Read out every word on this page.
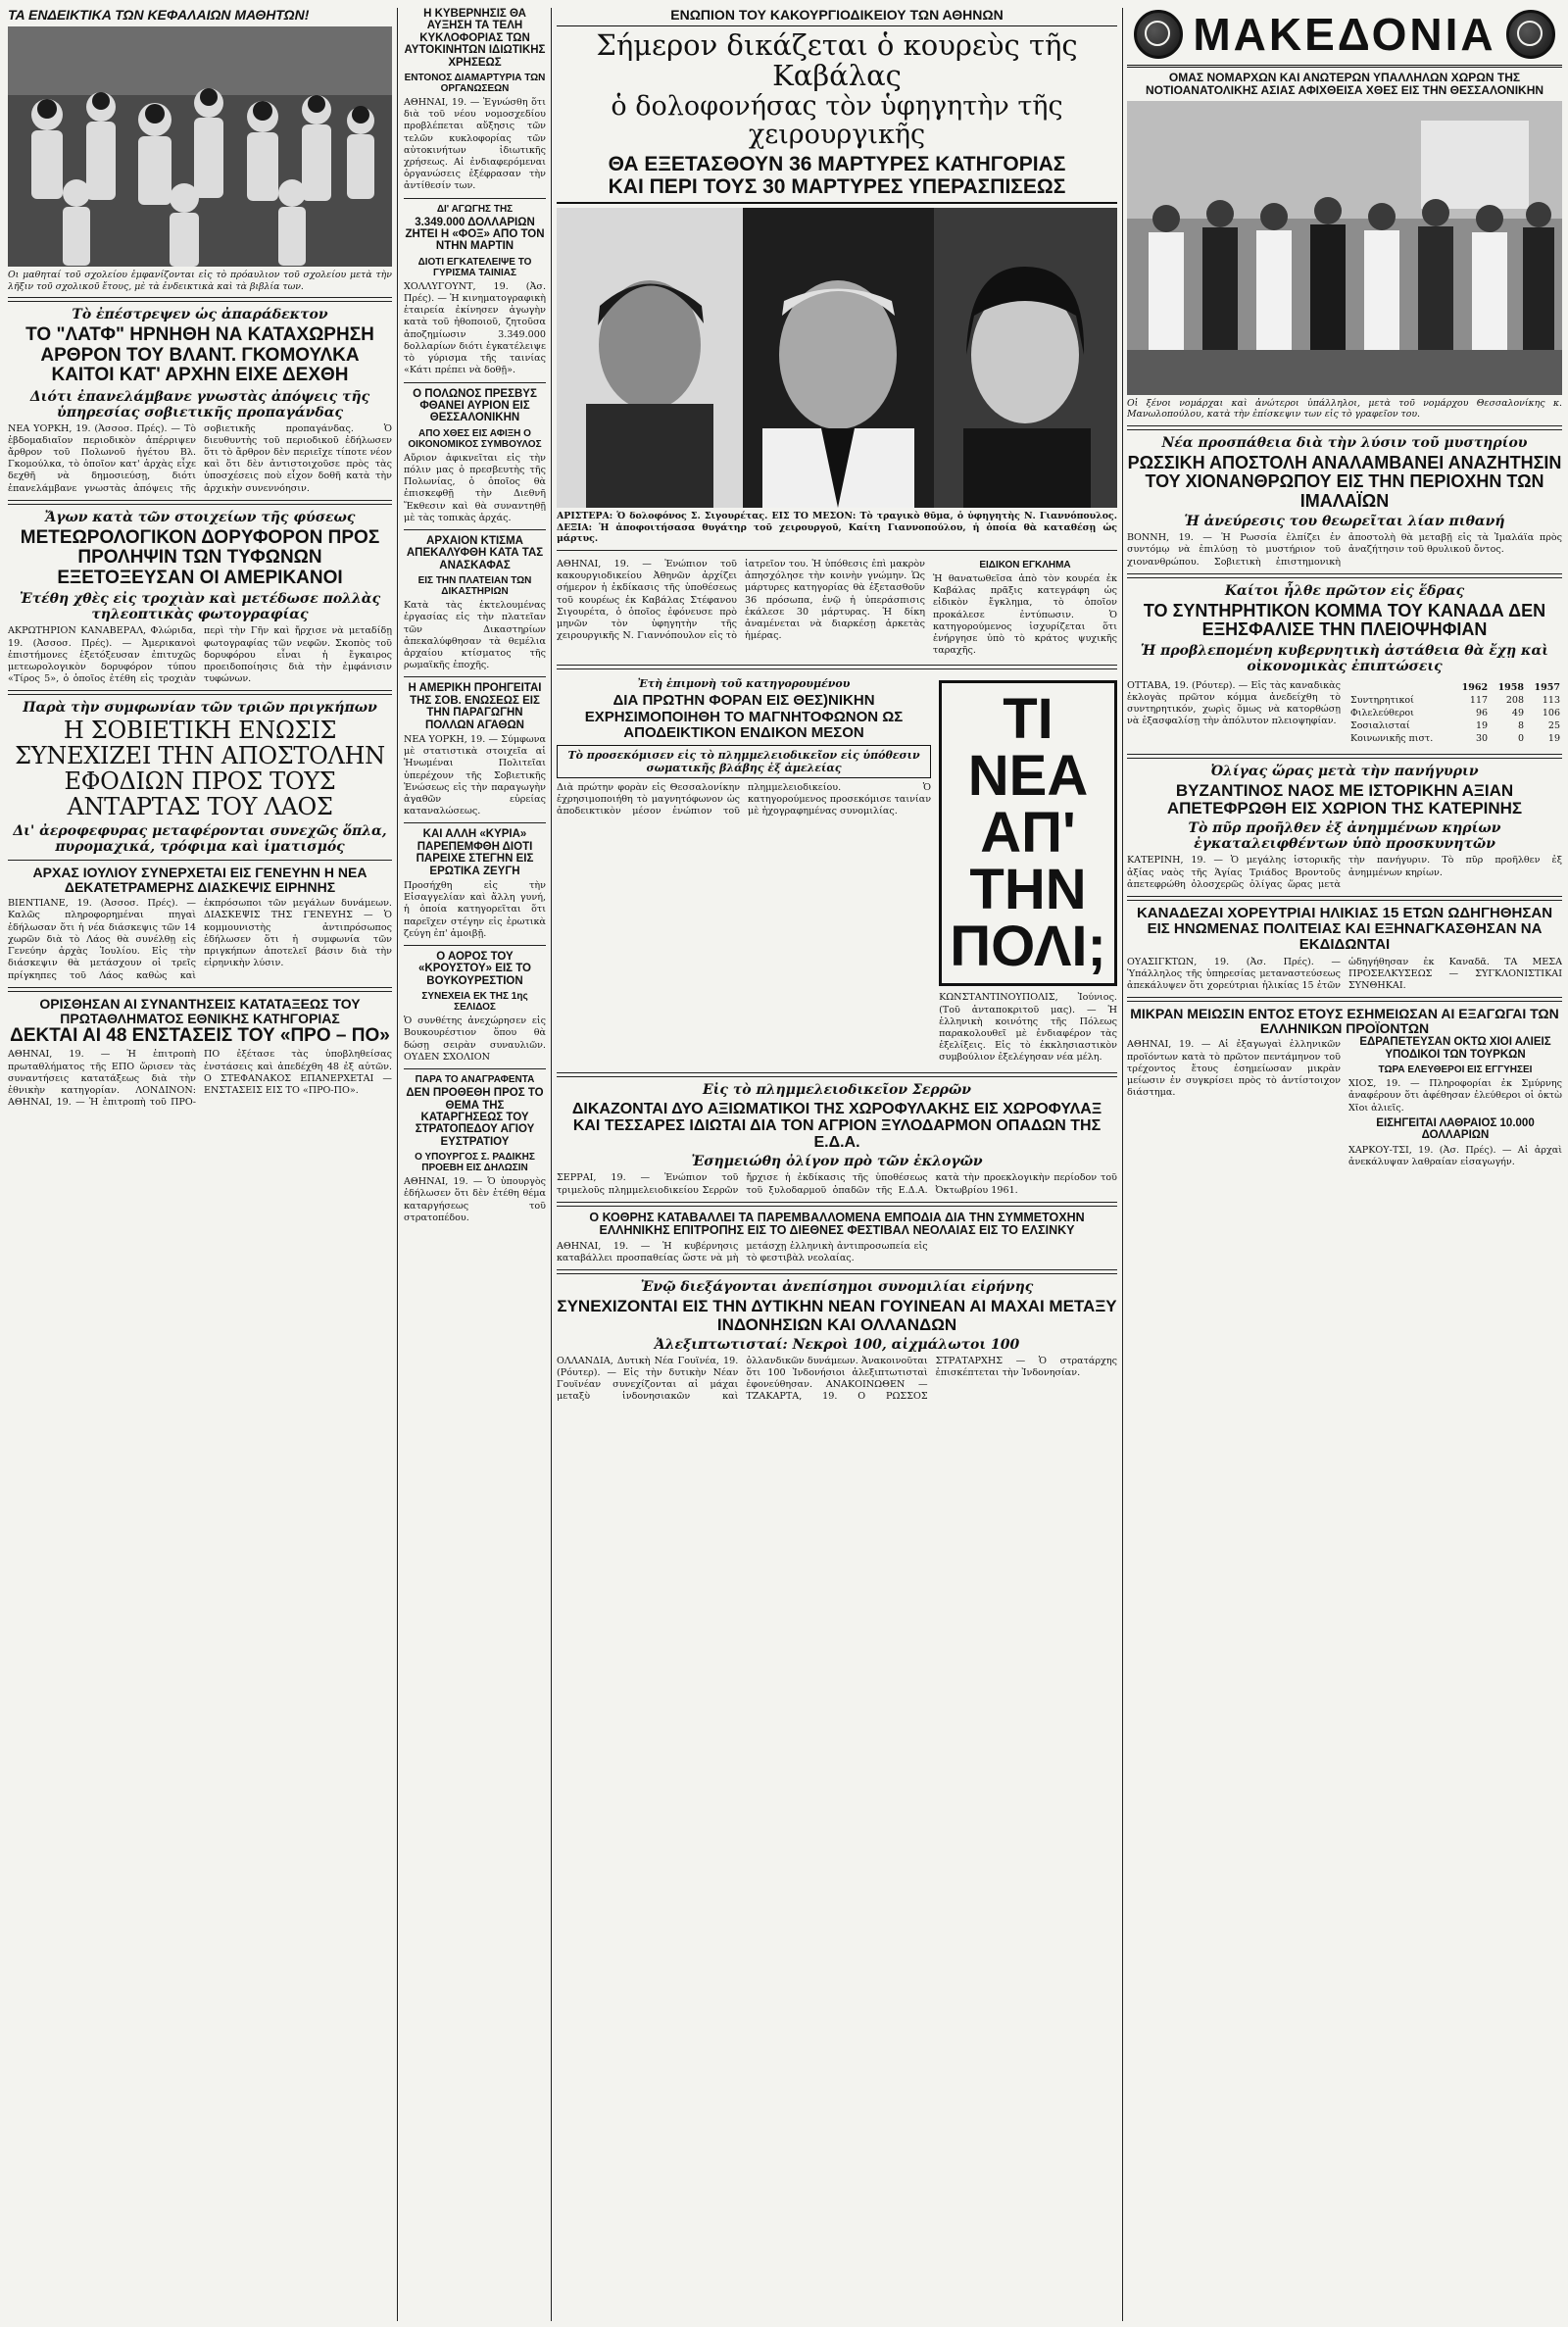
ΤΑ ΕΝΔΕΙΚΤΙΚΑ ΤΩΝ ΚΕΦΑΛΑΙΩΝ ΜΑΘΗΤΩΝ!
Οι μαθηταί τοῦ σχολείου ἐμφανίζονται εἰς τὸ πρόαυλιον τοῦ σχολείου μετὰ τὴν λῆξιν τοῦ σχολικοῦ ἔτους, μὲ τὰ ἐνδεικτικὰ καὶ τὰ βιβλία των.
Τὸ ἐπέστρεψεν ὡς ἀπαράδεκτον
ΤΟ "ΛΑΤΦ" ΗΡΝΗΘΗ ΝΑ ΚΑΤΑΧΩΡΗΣΗ ΑΡΘΡΟΝ ΤΟΥ ΒΛΑΝΤ. ΓΚΟΜΟΥΛΚΑ ΚΑΙΤΟΙ ΚΑΤ' ΑΡΧΗΝ ΕΙΧΕ ΔΕΧΘΗ
Διότι ἐπανελάμβανε γνωστὰς ἀπόψεις τῆς ὑπηρεσίας σοβιετικῆς προπαγάνδας
ΝΕΑ ΥΟΡΚΗ, 19. (Ἀσσοσ. Πρές). — Τὸ ἑβδομαδιαῖον περιοδικὸν ἀπέρριψεν ἄρθρον τοῦ Πολωνοῦ ἡγέτου Βλ. Γκομούλκα, τὸ ὁποῖον κατ' ἀρχὰς εἶχε δεχθῆ νὰ δημοσιεύσῃ, διότι ἐπανελάμβανε γνωστὰς ἀπόψεις τῆς σοβιετικῆς προπαγάνδας. Ὁ διευθυντὴς τοῦ περιοδικοῦ ἐδήλωσεν ὅτι τὸ ἄρθρον δὲν περιεῖχε τίποτε νέον καὶ ὅτι δὲν ἀντιστοιχοῦσε πρὸς τὰς ὑποσχέσεις ποὺ εἶχον δοθῆ κατὰ τὴν ἀρχικὴν συνεννόησιν.
Ἄγων κατὰ τῶν στοιχείων τῆς φύσεως
ΜΕΤΕΩΡΟΛΟΓΙΚΟΝ ΔΟΡΥΦΟΡΟΝ ΠΡΟΣ ΠΡΟΛΗΨΙΝ ΤΩΝ ΤΥΦΩΝΩΝ ΕΞΕΤΟΞΕΥΣΑΝ ΟΙ ΑΜΕΡΙΚΑΝΟΙ
Ἐτέθη χθὲς εἰς τροχιὰν καὶ μετέδωσε πολλὰς τηλεοπτικὰς φωτογραφίας
ΑΚΡΩΤΗΡΙΟΝ ΚΑΝΑΒΕΡΑΛ, Φλώριδα, 19. (Ἀσσοσ. Πρές). — Ἀμερικανοὶ ἐπιστήμονες ἐξετόξευσαν ἐπιτυχῶς μετεωρολογικὸν δορυφόρον τύπου «Τίρος 5», ὁ ὁποῖος ἐτέθη εἰς τροχιὰν περὶ τὴν Γῆν καὶ ἤρχισε νὰ μεταδίδῃ φωτογραφίας τῶν νεφῶν. Σκοπὸς τοῦ δορυφόρου εἶναι ἡ ἔγκαιρος προειδοποίησις διὰ τὴν ἐμφάνισιν τυφώνων.
Παρὰ τὴν συμφωνίαν τῶν τριῶν πριγκήπων
Η ΣΟΒΙΕΤΙΚΗ ΕΝΩΣΙΣ ΣΥΝΕΧΙΖΕΙ ΤΗΝ ΑΠΟΣΤΟΛΗΝ ΕΦΟΔΙΩΝ ΠΡΟΣ ΤΟΥΣ ΑΝΤΑΡΤΑΣ ΤΟΥ ΛΑΟΣ
Δι' ἀεροφεφυρας μεταφέρονται συνεχῶς ὅπλα, πυρομαχικά, τρόφιμα καὶ ἱματισμός
ΑΡΧΑΣ ΙΟΥΛΙΟΥ ΣΥΝΕΡΧΕΤΑΙ ΕΙΣ ΓΕΝΕΥΗΝ Η ΝΕΑ ΔΕΚΑΤΕΤΡΑΜΕΡΗΣ ΔΙΑΣΚΕΨΙΣ ΕΙΡΗΝΗΣ
ΒΙΕΝΤΙΑΝΕ, 19. (Ἀσσοσ. Πρές). — Καλῶς πληροφορημέναι πηγαὶ ἐδήλωσαν ὅτι ἡ νέα διάσκεψις τῶν 14 χωρῶν διὰ τὸ Λάος θὰ συνέλθῃ εἰς Γενεύην ἀρχὰς Ἰουλίου. Εἰς τὴν διάσκεψιν θὰ μετάσχουν οἱ τρεῖς πρίγκηπες τοῦ Λάος καθὼς καὶ ἐκπρόσωποι τῶν μεγάλων δυνάμεων. ΔΙΑΣΚΕΨΙΣ ΤΗΣ ΓΕΝΕΥΗΣ — Ὁ κομμουνιστὴς ἀντιπρόσωπος ἐδήλωσεν ὅτι ἡ συμφωνία τῶν πριγκήπων ἀποτελεῖ βάσιν διὰ τὴν εἰρηνικὴν λύσιν.
ΟΡΙΣΘΗΣΑΝ ΑΙ ΣΥΝΑΝΤΗΣΕΙΣ ΚΑΤΑΤΑΞΕΩΣ ΤΟΥ ΠΡΩΤΑΘΛΗΜΑΤΟΣ ΕΘΝΙΚΗΣ ΚΑΤΗΓΟΡΙΑΣ
ΔΕΚΤΑΙ ΑΙ 48 ΕΝΣΤΑΣΕΙΣ ΤΟΥ «ΠΡΟ – ΠΟ»
ΑΘΗΝΑΙ, 19. — Ἡ ἐπιτροπὴ πρωταθλήματος τῆς ΕΠΟ ὥρισεν τὰς συναντήσεις κατατάξεως διὰ τὴν ἐθνικὴν κατηγορίαν. ΛΟΝΔΙΝΟΝ: ΑΘΗΝΑΙ, 19. — Ἡ ἐπιτροπὴ τοῦ ΠΡΟ-ΠΟ ἐξέτασε τὰς ὑποβληθείσας ἐνστάσεις καὶ ἀπεδέχθη 48 ἐξ αὐτῶν. Ο ΣΤΕΦΑΝΑΚΟΣ ΕΠΑΝΕΡΧΕΤΑΙ — ΕΝΣΤΑΣΕΙΣ ΕΙΣ ΤΟ «ΠΡΟ-ΠΟ».
Η ΚΥΒΕΡΝΗΣΙΣ ΘΑ ΑΥΞΗΣΗ ΤΑ ΤΕΛΗ ΚΥΚΛΟΦΟΡΙΑΣ ΤΩΝ ΑΥΤΟΚΙΝΗΤΩΝ ΙΔΙΩΤΙΚΗΣ ΧΡΗΣΕΩΣ
ΕΝΤΟΝΟΣ ΔΙΑΜΑΡΤΥΡΙΑ ΤΩΝ ΟΡΓΑΝΩΣΕΩΝ
ΑΘΗΝΑΙ, 19. — Ἐγνώσθη ὅτι διὰ τοῦ νέου νομοσχεδίου προβλέπεται αὔξησις τῶν τελῶν κυκλοφορίας τῶν αὐτοκινήτων ἰδιωτικῆς χρήσεως. Αἱ ἐνδιαφερόμεναι ὀργανώσεις ἐξέφρασαν τὴν ἀντίθεσίν των.
ΔΙ' ΑΓΩΓΗΣ ΤΗΣ
3.349.000 ΔΟΛΛΑΡΙΩΝ ΖΗΤΕΙ Η «ΦΟΞ» ΑΠΟ ΤΟΝ ΝΤΗΝ ΜΑΡΤΙΝ
ΔΙΟΤΙ ΕΓΚΑΤΕΛΕΙΨΕ ΤΟ ΓΥΡΙΣΜΑ ΤΑΙΝΙΑΣ
ΧΟΛΛΥΓΟΥΝΤ, 19. (Ἀσ. Πρές). — Ἡ κινηματογραφικὴ ἑταιρεία ἐκίνησεν ἀγωγὴν κατὰ τοῦ ἠθοποιοῦ, ζητοῦσα ἀποζημίωσιν 3.349.000 δολλαρίων διότι ἐγκατέλειψε τὸ γύρισμα τῆς ταινίας «Κάτι πρέπει νὰ δοθῇ».
Ο ΠΟΛΩΝΟΣ ΠΡΕΣΒΥΣ ΦΘΑΝΕΙ ΑΥΡΙΟΝ ΕΙΣ ΘΕΣΣΑΛΟΝΙΚΗΝ
ΑΠΟ ΧΘΕΣ ΕΙΣ ΑΦΙΞΗ Ο ΟΙΚΟΝΟΜΙΚΟΣ ΣΥΜΒΟΥΛΟΣ
Αὔριον ἀφικνεῖται εἰς τὴν πόλιν μας ὁ πρεσβευτὴς τῆς Πολωνίας, ὁ ὁποῖος θὰ ἐπισκεφθῇ τὴν Διεθνῆ Ἔκθεσιν καὶ θὰ συναντηθῇ μὲ τὰς τοπικὰς ἀρχάς.
ΑΡΧΑΙΟΝ ΚΤΙΣΜΑ ΑΠΕΚΑΛΥΦΘΗ ΚΑΤΑ ΤΑΣ ΑΝΑΣΚΑΦΑΣ
ΕΙΣ ΤΗΝ ΠΛΑΤΕΙΑΝ ΤΩΝ ΔΙΚΑΣΤΗΡΙΩΝ
Κατὰ τὰς ἐκτελουμένας ἐργασίας εἰς τὴν πλατεῖαν τῶν Δικαστηρίων ἀπεκαλύφθησαν τὰ θεμέλια ἀρχαίου κτίσματος τῆς ρωμαϊκῆς ἐποχῆς.
Η ΑΜΕΡΙΚΗ ΠΡΟΗΓΕΙΤΑΙ ΤΗΣ ΣΟΒ. ΕΝΩΣΕΩΣ ΕΙΣ ΤΗΝ ΠΑΡΑΓΩΓΗΝ ΠΟΛΛΩΝ ΑΓΑΘΩΝ
ΝΕΑ ΥΟΡΚΗ, 19. — Σύμφωνα μὲ στατιστικὰ στοιχεῖα αἱ Ἡνωμέναι Πολιτεῖαι ὑπερέχουν τῆς Σοβιετικῆς Ἑνώσεως εἰς τὴν παραγωγὴν ἀγαθῶν εὐρείας καταναλώσεως.
ΚΑΙ ΑΛΛΗ «ΚΥΡΙΑ» ΠΑΡΕΠΕΜΦΘΗ ΔΙΟΤΙ ΠΑΡΕΙΧΕ ΣΤΕΓΗΝ ΕΙΣ ΕΡΩΤΙΚΑ ΖΕΥΓΗ
Προσήχθη εἰς τὴν Εἰσαγγελίαν καὶ ἄλλη γυνή, ἡ ὁποία κατηγορεῖται ὅτι παρεῖχεν στέγην εἰς ἐρωτικὰ ζεύγη ἐπ' ἀμοιβῇ.
Ο ΑΟΡΟΣ ΤΟΥ «ΚΡΟΥΣΤΟΥ» ΕΙΣ ΤΟ ΒΟΥΚΟΥΡΕΣΤΙΟΝ
ΣΥΝΕΧΕΙΑ ΕΚ ΤΗΣ 1ης ΣΕΛΙΔΟΣ
Ὁ συνθέτης ἀνεχώρησεν εἰς Βουκουρέστιον ὅπου θὰ δώσῃ σειρὰν συναυλιῶν. ΟΥΔΕΝ ΣΧΟΛΙΟΝ
ΠΑΡΑ ΤΟ ΑΝΑΓΡΑΦΕΝΤΑ
ΔΕΝ ΠΡΟΘΕΘΗ ΠΡΟΣ ΤΟ ΘΕΜΑ ΤΗΣ ΚΑΤΑΡΓΗΣΕΩΣ ΤΟΥ ΣΤΡΑΤΟΠΕΔΟΥ ΑΓΙΟΥ ΕΥΣΤΡΑΤΙΟΥ
Ο ΥΠΟΥΡΓΟΣ Σ. ΡΑΔΙΚΗΣ ΠΡΟΕΒΗ ΕΙΣ ΔΗΛΩΣΙΝ
ΑΘΗΝΑΙ, 19. — Ὁ ὑπουργὸς ἐδήλωσεν ὅτι δὲν ἐτέθη θέμα καταργήσεως τοῦ στρατοπέδου.
ΕΝΩΠΙΟΝ ΤΟΥ ΚΑΚΟΥΡΓΙΟΔΙΚΕΙΟΥ ΤΩΝ ΑΘΗΝΩΝ
Σήμερον δικάζεται ὁ κουρεὺς τῆς Καβάλας
ὁ δολοφονήσας τὸν ὑφηγητὴν τῆς χειρουργικῆς
ΘΑ ΕΞΕΤΑΣΘΟΥΝ 36 ΜΑΡΤΥΡΕΣ ΚΑΤΗΓΟΡΙΑΣ
ΚΑΙ ΠΕΡΙ ΤΟΥΣ 30 ΜΑΡΤΥΡΕΣ ΥΠΕΡΑΣΠΙΣΕΩΣ
ΑΡΙΣΤΕΡΑ: Ὁ δολοφόνος Σ. Σιγουρέτας. ΕΙΣ ΤΟ ΜΕΣΟΝ: Τὸ τραγικὸ θῦμα, ὁ ὑφηγητὴς Ν. Γιαννόπουλος. ΔΕΞΙΑ: Ἡ ἀποφοιτήσασα θυγάτηρ τοῦ χειρουργοῦ, Καίτη Γιαννοπούλου, ἡ ὁποία θὰ καταθέσῃ ὡς μάρτυς.
ΑΘΗΝΑΙ, 19. — Ἐνώπιον τοῦ κακουργιοδικείου Ἀθηνῶν ἀρχίζει σήμερον ἡ ἐκδίκασις τῆς ὑποθέσεως τοῦ κουρέως ἐκ Καβάλας Στέφανου Σιγουρέτα, ὁ ὁποῖος ἐφόνευσε πρὸ μηνῶν τὸν ὑφηγητὴν τῆς χειρουργικῆς Ν. Γιαννόπουλον εἰς τὸ ἰατρεῖον του. Ἡ ὑπόθεσις ἐπὶ μακρὸν ἀπησχόλησε τὴν κοινὴν γνώμην. Ὡς μάρτυρες κατηγορίας θὰ ἐξετασθοῦν 36 πρόσωπα, ἐνῷ ἡ ὑπεράσπισις ἐκάλεσε 30 μάρτυρας. Ἡ δίκη ἀναμένεται νὰ διαρκέσῃ ἀρκετὰς ἡμέρας.
ΕΙΔΙΚΟΝ ΕΓΚΛΗΜΑ
Ἡ θανατωθεῖσα ἀπὸ τὸν κουρέα ἐκ Καβάλας πρᾶξις κατεγράφη ὡς εἰδικὸν ἔγκλημα, τὸ ὁποῖον προκάλεσε ἐντύπωσιν. Ὁ κατηγορούμενος ἰσχυρίζεται ὅτι ἐνήργησε ὑπὸ τὸ κράτος ψυχικῆς ταραχῆς.
Ἐτὴ ἐπιμονὴ τοῦ κατηγορουμένου
ΔΙΑ ΠΡΩΤΗΝ ΦΟΡΑΝ ΕΙΣ ΘΕΣ)ΝΙΚΗΝ ΕΧΡΗΣΙΜΟΠΟΙΗΘΗ ΤΟ ΜΑΓΝΗΤΟΦΩΝΟΝ ΩΣ ΑΠΟΔΕΙΚΤΙΚΟΝ ΕΝΔΙΚΟΝ ΜΕΣΟΝ
Τὸ προσεκόμισεν εἰς τὸ πλημμελειοδικεῖον εἰς ὑπόθεσιν σωματικῆς βλάβης ἐξ ἀμελείας
Διὰ πρώτην φορὰν εἰς Θεσσαλονίκην ἐχρησιμοποιήθη τὸ μαγνητόφωνον ὡς ἀποδεικτικὸν μέσον ἐνώπιον τοῦ πλημμελειοδικείου. Ὁ κατηγορούμενος προσεκόμισε ταινίαν μὲ ἠχογραφημένας συνομιλίας.
ΤΙ ΝΕΑ ΑΠ' ΤΗΝ ΠΟΛΙ;
ΚΩΝΣΤΑΝΤΙΝΟΥΠΟΛΙΣ, Ἰούνιος. (Τοῦ ἀνταποκριτοῦ μας). — Ἡ ἑλληνικὴ κοινότης τῆς Πόλεως παρακολουθεῖ μὲ ἐνδιαφέρον τὰς ἐξελίξεις. Εἰς τὸ ἐκκλησιαστικὸν συμβούλιον ἐξελέγησαν νέα μέλη.
Εἰς τὸ πλημμελειοδικεῖον Σερρῶν
ΔΙΚΑΖΟΝΤΑΙ ΔΥΟ ΑΞΙΩΜΑΤΙΚΟΙ ΤΗΣ ΧΩΡΟΦΥΛΑΚΗΣ ΕΙΣ ΧΩΡΟΦΥΛΑΞ ΚΑΙ ΤΕΣΣΑΡΕΣ ΙΔΙΩΤΑΙ ΔΙΑ ΤΟΝ ΑΓΡΙΟΝ ΞΥΛΟΔΑΡΜΟΝ ΟΠΑΔΩΝ ΤΗΣ Ε.Δ.Α.
Ἐσημειώθη ὀλίγον πρὸ τῶν ἐκλογῶν
ΣΕΡΡΑΙ, 19. — Ἐνώπιον τοῦ τριμελοῦς πλημμελειοδικείου Σερρῶν ἤρχισε ἡ ἐκδίκασις τῆς ὑποθέσεως τοῦ ξυλοδαρμοῦ ὀπαδῶν τῆς Ε.Δ.Α. κατὰ τὴν προεκλογικὴν περίοδον τοῦ Ὀκτωβρίου 1961.
Ο ΚΟΘΡΗΣ ΚΑΤΑΒΑΛΛΕΙ ΤΑ ΠΑΡΕΜΒΑΛΛΟΜΕΝΑ ΕΜΠΟΔΙΑ ΔΙΑ ΤΗΝ ΣΥΜΜΕΤΟΧΗΝ ΕΛΛΗΝΙΚΗΣ ΕΠΙΤΡΟΠΗΣ ΕΙΣ ΤΟ ΔΙΕΘΝΕΣ ΦΕΣΤΙΒΑΛ ΝΕΟΛΑΙΑΣ ΕΙΣ ΤΟ ΕΛΣΙΝΚΥ
ΑΘΗΝΑΙ, 19. — Ἡ κυβέρνησις καταβάλλει προσπαθείας ὥστε νὰ μὴ μετάσχῃ ἑλληνικὴ ἀντιπροσωπεία εἰς τὸ φεστιβὰλ νεολαίας.
Ἐνῷ διεξάγονται ἀνεπίσημοι συνομιλίαι εἰρήνης
ΣΥΝΕΧΙΖΟΝΤΑΙ ΕΙΣ ΤΗΝ ΔΥΤΙΚΗΝ ΝΕΑΝ ΓΟΥΙΝΕΑΝ ΑΙ ΜΑΧΑΙ ΜΕΤΑΞΥ ΙΝΔΟΝΗΣΙΩΝ ΚΑΙ ΟΛΛΑΝΔΩΝ
Ἀλεξιπτωτισταί: Νεκροὶ 100, αἰχμάλωτοι 100
ΟΛΛΑΝΔΙΑ, Δυτικὴ Νέα Γουϊνέα, 19. (Ρόυτερ). — Εἰς τὴν δυτικὴν Νέαν Γουϊνέαν συνεχίζονται αἱ μάχαι μεταξὺ ἰνδονησιακῶν καὶ ὀλλανδικῶν δυνάμεων. Ἀνακοινοῦται ὅτι 100 Ἰνδονήσιοι ἀλεξιπτωτισταὶ ἐφονεύθησαν. ΑΝΑΚΟΙΝΩΘΕΝ — ΤΖΑΚΑΡΤΑ, 19. Ο ΡΩΣΣΟΣ ΣΤΡΑΤΑΡΧΗΣ — Ὁ στρατάρχης ἐπισκέπτεται τὴν Ἰνδονησίαν.
ΜΑΚΕΔΟΝΙΑ
ΟΜΑΣ ΝΟΜΑΡΧΩΝ ΚΑΙ ΑΝΩΤΕΡΩΝ ΥΠΑΛΛΗΛΩΝ ΧΩΡΩΝ ΤΗΣ ΝΟΤΙΟΑΝΑΤΟΛΙΚΗΣ ΑΣΙΑΣ ΑΦΙΧΘΕΙΣΑ ΧΘΕΣ ΕΙΣ ΤΗΝ ΘΕΣΣΑΛΟΝΙΚΗΝ
Οἱ ξένοι νομάρχαι καὶ ἀνώτεροι ὑπάλληλοι, μετὰ τοῦ νομάρχου Θεσσαλονίκης κ. Μανωλοπούλου, κατὰ τὴν ἐπίσκεψιν των εἰς τὸ γραφεῖον του.
Νέα προσπάθεια διὰ τὴν λύσιν τοῦ μυστηρίου
ΡΩΣΣΙΚΗ ΑΠΟΣΤΟΛΗ ΑΝΑΛΑΜΒΑΝΕΙ ΑΝΑΖΗΤΗΣΙΝ ΤΟΥ ΧΙΟΝΑΝΘΡΩΠΟΥ ΕΙΣ ΤΗΝ ΠΕΡΙΟΧΗΝ ΤΩΝ ΙΜΑΛΑΪΩΝ
Ἡ ἀνεύρεσις του θεωρεῖται λίαν πιθανή
ΒΟΝΝΗ, 19. — Ἡ Ρωσσία ἐλπίζει ἐν συντόμῳ νὰ ἐπιλύσῃ τὸ μυστήριον τοῦ χιονανθρώπου. Σοβιετικὴ ἐπιστημονικὴ ἀποστολὴ θὰ μεταβῇ εἰς τὰ Ἱμαλάϊα πρὸς ἀναζήτησιν τοῦ θρυλικοῦ ὄντος.
Καίτοι ἦλθε πρῶτον εἰς ἕδρας
ΤΟ ΣΥΝΤΗΡΗΤΙΚΟΝ ΚΟΜΜΑ ΤΟΥ ΚΑΝΑΔΑ ΔΕΝ ΕΞΗΣΦΑΛΙΣΕ ΤΗΝ ΠΛΕΙΟΨΗΦΙΑΝ
Ἡ προβλεπομένη κυβερνητικὴ ἀστάθεια θὰ ἔχῃ καὶ οἰκονομικὰς ἐπιπτώσεις
ΟΤΤΑΒΑ, 19. (Ρόυτερ). — Εἰς τὰς καναδικὰς ἐκλογὰς πρῶτον κόμμα ἀνεδείχθη τὸ συντηρητικόν, χωρὶς ὅμως νὰ κατορθώσῃ νὰ ἐξασφαλίσῃ τὴν ἀπόλυτον πλειοψηφίαν.
	1962	1958	1957
Συντηρητικοί	117	208	113
Φιλελεύθεροι	96	49	106
Σοσιαλισταί	19	8	25
Κοινωνικῆς πιστ.	30	0	19
Ὀλίγας ὥρας μετὰ τὴν πανήγυριν
ΒΥΖΑΝΤΙΝΟΣ ΝΑΟΣ ΜΕ ΙΣΤΟΡΙΚΗΝ ΑΞΙΑΝ ΑΠΕΤΕΦΡΩΘΗ ΕΙΣ ΧΩΡΙΟΝ ΤΗΣ ΚΑΤΕΡΙΝΗΣ
Τὸ πῦρ προῆλθεν ἐξ ἀνημμένων κηρίων ἐγκαταλειφθέντων ὑπὸ προσκυνητῶν
ΚΑΤΕΡΙΝΗ, 19. — Ὁ μεγάλης ἱστορικῆς ἀξίας ναὸς τῆς Ἁγίας Τριάδος Βροντοῦς ἀπετεφρώθη ὀλοσχερῶς ὀλίγας ὥρας μετὰ τὴν πανήγυριν. Τὸ πῦρ προῆλθεν ἐξ ἀνημμένων κηρίων.
ΚΑΝΑΔΕΖΑΙ ΧΟΡΕΥΤΡΙΑΙ ΗΛΙΚΙΑΣ 15 ΕΤΩΝ ΩΔΗΓΗΘΗΣΑΝ ΕΙΣ ΗΝΩΜΕΝΑΣ ΠΟΛΙΤΕΙΑΣ ΚΑΙ ΕΞΗΝΑΓΚΑΣΘΗΣΑΝ ΝΑ ΕΚΔΙΔΩΝΤΑΙ
ΟΥΑΣΙΓΚΤΩΝ, 19. (Ἀσ. Πρές). — Ὑπάλληλος τῆς ὑπηρεσίας μεταναστεύσεως ἀπεκάλυψεν ὅτι χορεύτριαι ἡλικίας 15 ἐτῶν ὡδηγήθησαν ἐκ Καναδᾶ. ΤΑ ΜΕΣΑ ΠΡΟΣΕΛΚΥΣΕΩΣ — ΣΥΓΚΛΟΝΙΣΤΙΚΑΙ ΣΥΝΘΗΚΑΙ.
ΜΙΚΡΑΝ ΜΕΙΩΣΙΝ ΕΝΤΟΣ ΕΤΟΥΣ ΕΣΗΜΕΙΩΣΑΝ ΑΙ ΕΞΑΓΩΓΑΙ ΤΩΝ ΕΛΛΗΝΙΚΩΝ ΠΡΟΪΟΝΤΩΝ
ΑΘΗΝΑΙ, 19. — Αἱ ἐξαγωγαὶ ἑλληνικῶν προϊόντων κατὰ τὸ πρῶτον πεντάμηνον τοῦ τρέχοντος ἔτους ἐσημείωσαν μικρὰν μείωσιν ἐν συγκρίσει πρὸς τὸ ἀντίστοιχον διάστημα.
ΕΔΡΑΠΕΤΕΥΣΑΝ ΟΚΤΩ ΧΙΟΙ ΑΛΙΕΙΣ ΥΠΟΔΙΚΟΙ ΤΩΝ ΤΟΥΡΚΩΝ
ΤΩΡΑ ΕΛΕΥΘΕΡΟΙ ΕΙΣ ΕΓΓΥΗΣΕΙ
ΧΙΟΣ, 19. — Πληροφορίαι ἐκ Σμύρνης ἀναφέρουν ὅτι ἀφέθησαν ἐλεύθεροι οἱ ὀκτὼ Χῖοι ἁλιεῖς.
ΕΙΣΗΓΕΙΤΑΙ ΛΑΘΡΑΙΟΣ 10.000 ΔΟΛΛΑΡΙΩΝ
ΧΑΡΚΟΥ-ΤΣΙ, 19. (Ἀσ. Πρές). — Αἱ ἀρχαὶ ἀνεκάλυψαν λαθραίαν εἰσαγωγήν.
